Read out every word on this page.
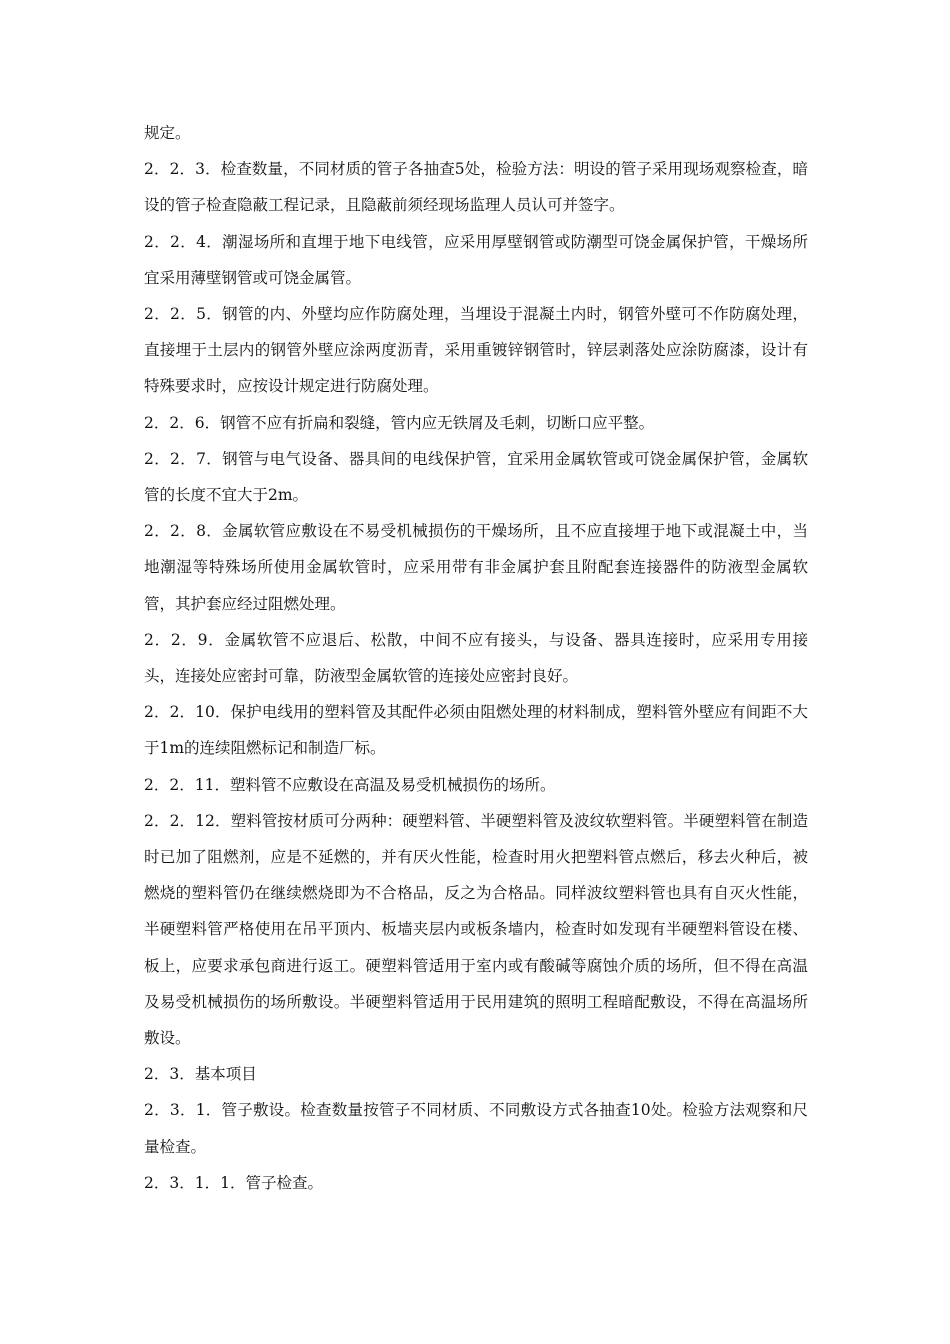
规定。

2．2．3．检查数量，不同材质的管子各抽查5处，检验方法：明设的管子采用现场观察检查，暗设的管子检查隐蔽工程记录，且隐蔽前须经现场监理人员认可并签字。

2．2．4．潮湿场所和直埋于地下电线管，应采用厚壁钢管或防潮型可饶金属保护管，干燥场所宜采用薄壁钢管或可饶金属管。

2．2．5．钢管的内、外壁均应作防腐处理，当埋设于混凝土内时，钢管外壁可不作防腐处理，直接埋于土层内的钢管外壁应涂两度沥青，采用重镀锌钢管时，锌层剥落处应涂防腐漆，设计有特殊要求时，应按设计规定进行防腐处理。

2．2．6．钢管不应有折扁和裂缝，管内应无铁屑及毛刺，切断口应平整。

2．2．7．钢管与电气设备、器具间的电线保护管，宜采用金属软管或可饶金属保护管，金属软管的长度不宜大于2m。

2．2．8．金属软管应敷设在不易受机械损伤的干燥场所，且不应直接埋于地下或混凝土中，当地潮湿等特殊场所使用金属软管时，应采用带有非金属护套且附配套连接器件的防液型金属软管，其护套应经过阻燃处理。

2．2．9．金属软管不应退后、松散，中间不应有接头，与设备、器具连接时，应采用专用接头，连接处应密封可靠，防液型金属软管的连接处应密封良好。

2．2．10．保护电线用的塑料管及其配件必须由阻燃处理的材料制成，塑料管外壁应有间距不大于1m的连续阻燃标记和制造厂标。

2．2．11．塑料管不应敷设在高温及易受机械损伤的场所。

2．2．12．塑料管按材质可分两种：硬塑料管、半硬塑料管及波纹软塑料管。半硬塑料管在制造时已加了阻燃剂，应是不延燃的，并有厌火性能，检查时用火把塑料管点燃后，移去火种后，被燃烧的塑料管仍在继续燃烧即为不合格品，反之为合格品。同样波纹塑料管也具有自灭火性能，半硬塑料管严格使用在吊平顶内、板墙夹层内或板条墙内，检查时如发现有半硬塑料管设在楼、板上，应要求承包商进行返工。硬塑料管适用于室内或有酸碱等腐蚀介质的场所，但不得在高温及易受机械损伤的场所敷设。半硬塑料管适用于民用建筑的照明工程暗配敷设，不得在高温场所敷设。

2．3．基本项目

2．3．1．管子敷设。检查数量按管子不同材质、不同敷设方式各抽查10处。检验方法观察和尺量检查。

2．3．1．1．管子检查。
